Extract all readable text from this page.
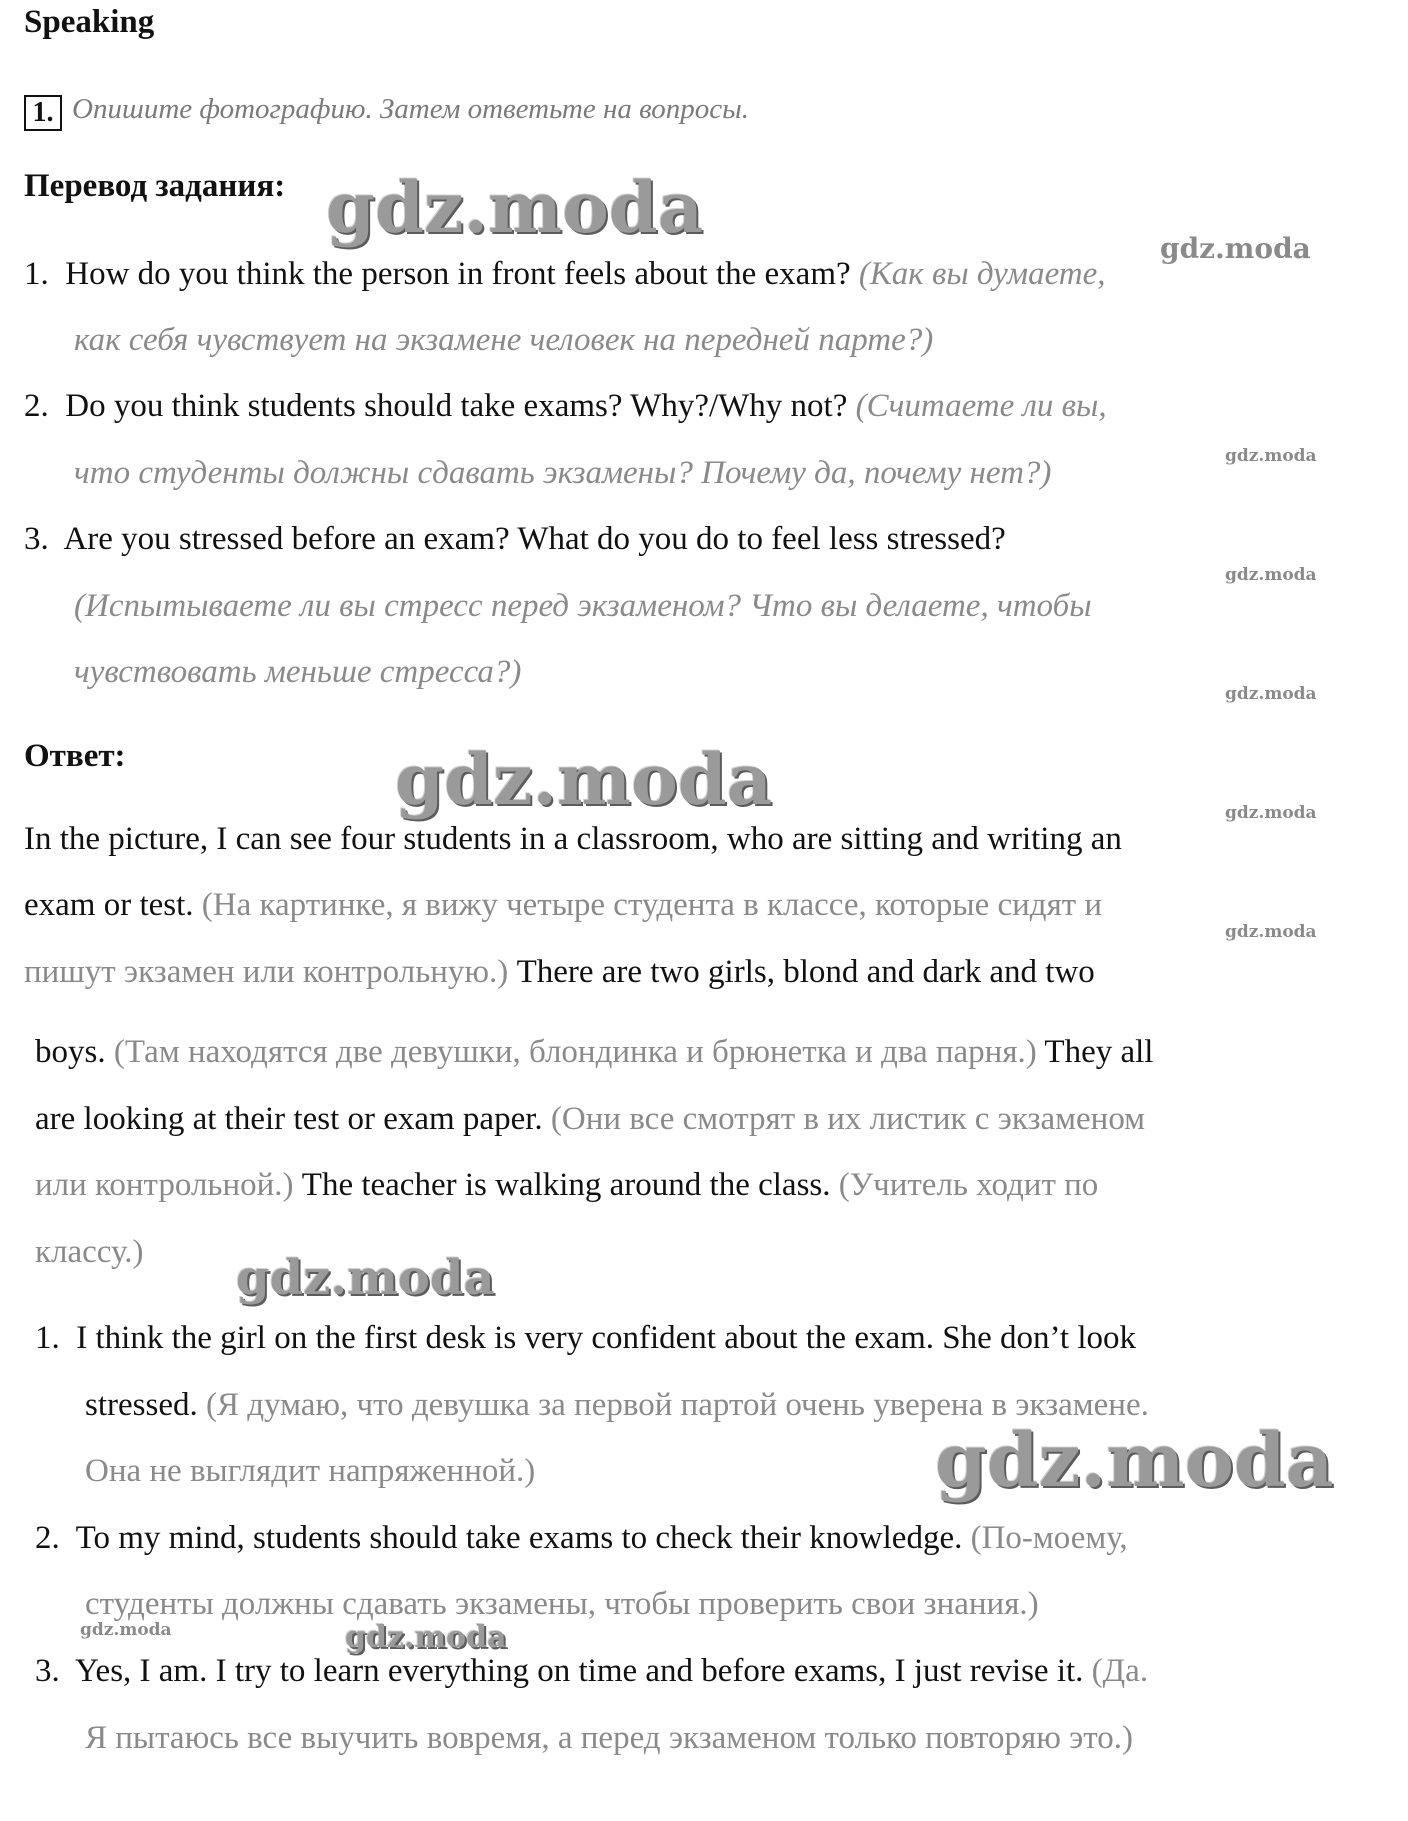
Speaking
1. Опишите фотографию. Затем ответьте на вопросы.
Перевод задания:
1. How do you think the person in front feels about the exam? (Как вы думаете,
как себя чувствует на экзамене человек на передней парте?)
2. Do you think students should take exams? Why?/Why not? (Считаете ли вы,
что студенты должны сдавать экзамены? Почему да, почему нет?)
3. Are you stressed before an exam? What do you do to feel less stressed?
(Испытываете ли вы стресс перед экзаменом? Что вы делаете, чтобы
чувствовать меньше стресса?)
Ответ:
In the picture, I can see four students in a classroom, who are sitting and writing an
exam or test. (На картинке, я вижу четыре студента в классе, которые сидят и
пишут экзамен или контрольную.) There are two girls, blond and dark and two
boys. (Там находятся две девушки, блондинка и брюнетка и два парня.) They all
are looking at their test or exam paper. (Они все смотрят в их листик с экзаменом
или контрольной.) The teacher is walking around the class. (Учитель ходит по
классу.)
1. I think the girl on the first desk is very confident about the exam. She don’t look
stressed. (Я думаю, что девушка за первой партой очень уверена в экзамене.
Она не выглядит напряженной.)
2. To my mind, students should take exams to check their knowledge. (По-моему,
студенты должны сдавать экзамены, чтобы проверить свои знания.)
3. Yes, I am. I try to learn everything on time and before exams, I just revise it. (Да.
Я пытаюсь все выучить вовремя, а перед экзаменом только повторяю это.)
gdz.moda
gdz.moda
gdz.moda
gdz.moda
gdz.moda
gdz.moda
gdz.moda
gdz.moda
gdz.moda
gdz.moda
gdz.moda
gdz.moda
